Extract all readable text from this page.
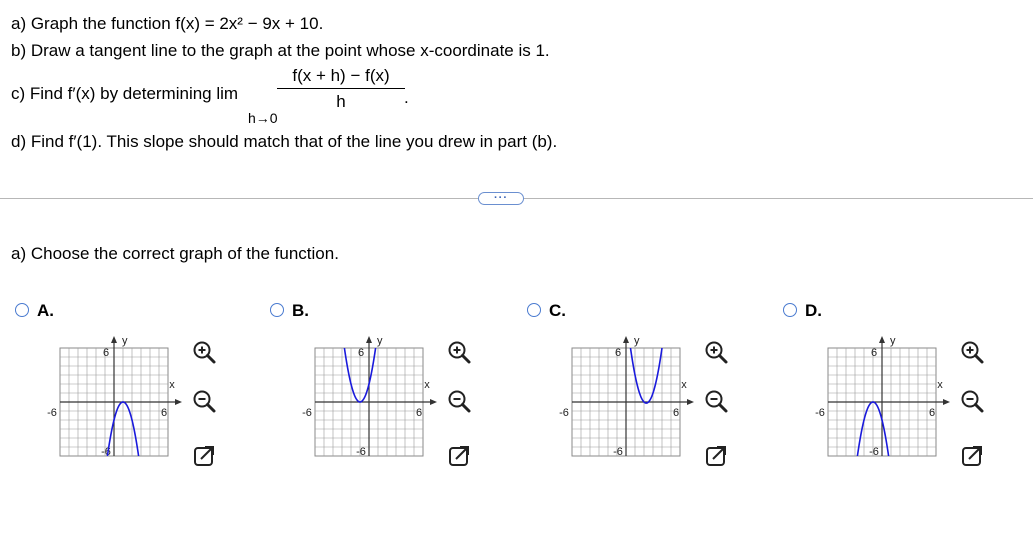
a) Graph the function f(x) = 2x² − 9x + 10.
b) Draw a tangent line to the graph at the point whose x-coordinate is 1.
c) Find f′(x) by determining $\lim \frac{f(x + h) - f(x)}{h}$ .
h→0
d) Find f′(1). This slope should match that of the line you drew in part (b).
···
a) Choose the correct graph of the function.
A.
y
x
-6	6
6
-6
B.
y
x
-6	6
6
-6
C.
y
x
-6	6
6
-6
D.
y
x
-6	6
6
-6
